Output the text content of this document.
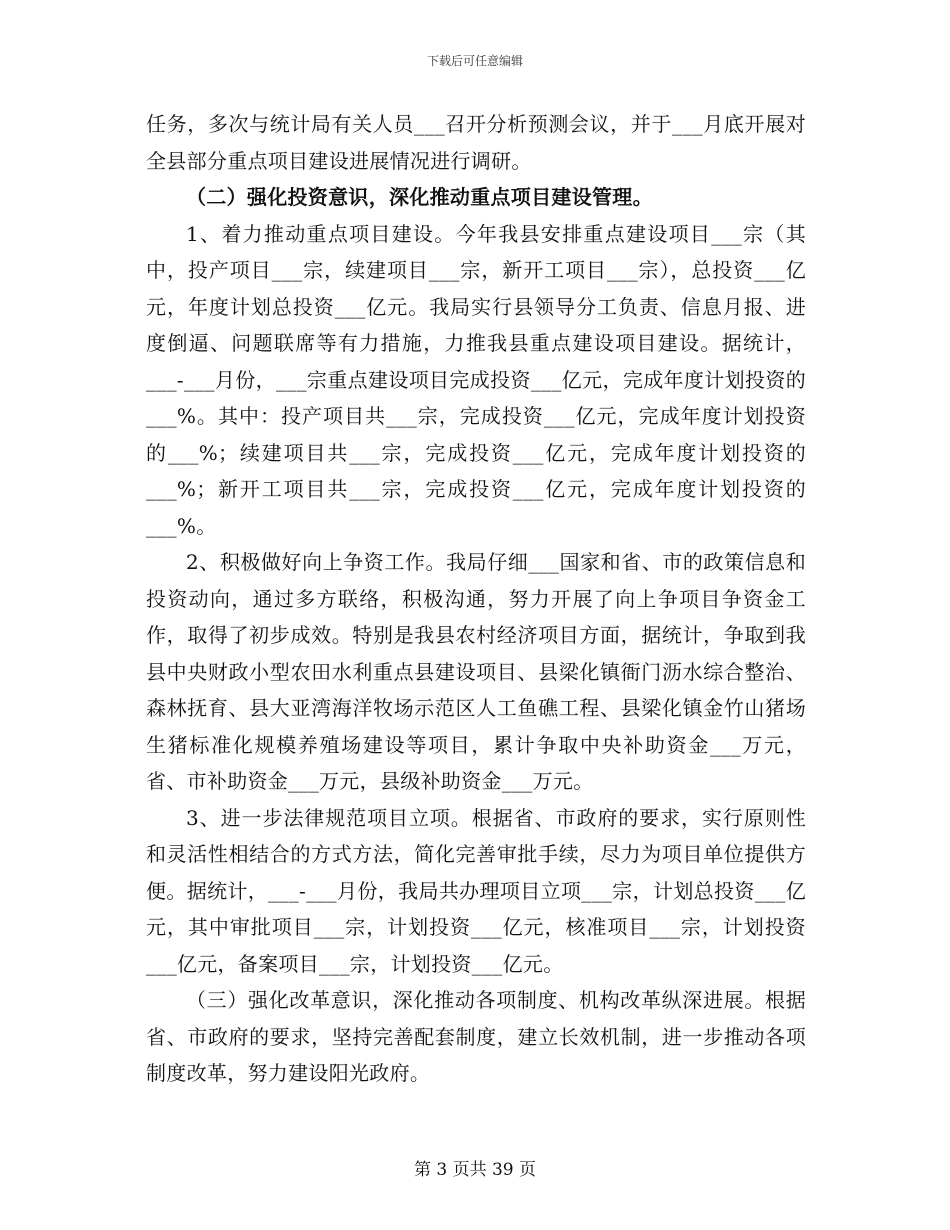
下载后可任意编辑

任务，多次与统计局有关人员___召开分析预测会议，并于___月底开展对全县部分重点项目建设进展情况进行调研。

（二）强化投资意识，深化推动重点项目建设管理。

1、着力推动重点项目建设。今年我县安排重点建设项目___宗（其中，投产项目___宗，续建项目___宗，新开工项目___宗），总投资___亿元，年度计划总投资___亿元。我局实行县领导分工负责、信息月报、进度倒逼、问题联席等有力措施，力推我县重点建设项目建设。据统计，___-___月份，___宗重点建设项目完成投资___亿元，完成年度计划投资的___%。其中：投产项目共___宗，完成投资___亿元，完成年度计划投资的___%；续建项目共___宗，完成投资___亿元，完成年度计划投资的___%；新开工项目共___宗，完成投资___亿元，完成年度计划投资的___%。

2、积极做好向上争资工作。我局仔细___国家和省、市的政策信息和投资动向，通过多方联络，积极沟通，努力开展了向上争项目争资金工作，取得了初步成效。特别是我县农村经济项目方面，据统计，争取到我县中央财政小型农田水利重点县建设项目、县梁化镇衙门沥水综合整治、森林抚育、县大亚湾海洋牧场示范区人工鱼礁工程、县梁化镇金竹山猪场生猪标准化规模养殖场建设等项目，累计争取中央补助资金___万元，省、市补助资金___万元，县级补助资金___万元。

3、进一步法律规范项目立项。根据省、市政府的要求，实行原则性和灵活性相结合的方式方法，简化完善审批手续，尽力为项目单位提供方便。据统计，___-___月份，我局共办理项目立项___宗，计划总投资___亿元，其中审批项目___宗，计划投资___亿元，核准项目___宗，计划投资___亿元，备案项目___宗，计划投资___亿元。

（三）强化改革意识，深化推动各项制度、机构改革纵深进展。根据省、市政府的要求，坚持完善配套制度，建立长效机制，进一步推动各项制度改革，努力建设阳光政府。

第 3 页共 39 页
